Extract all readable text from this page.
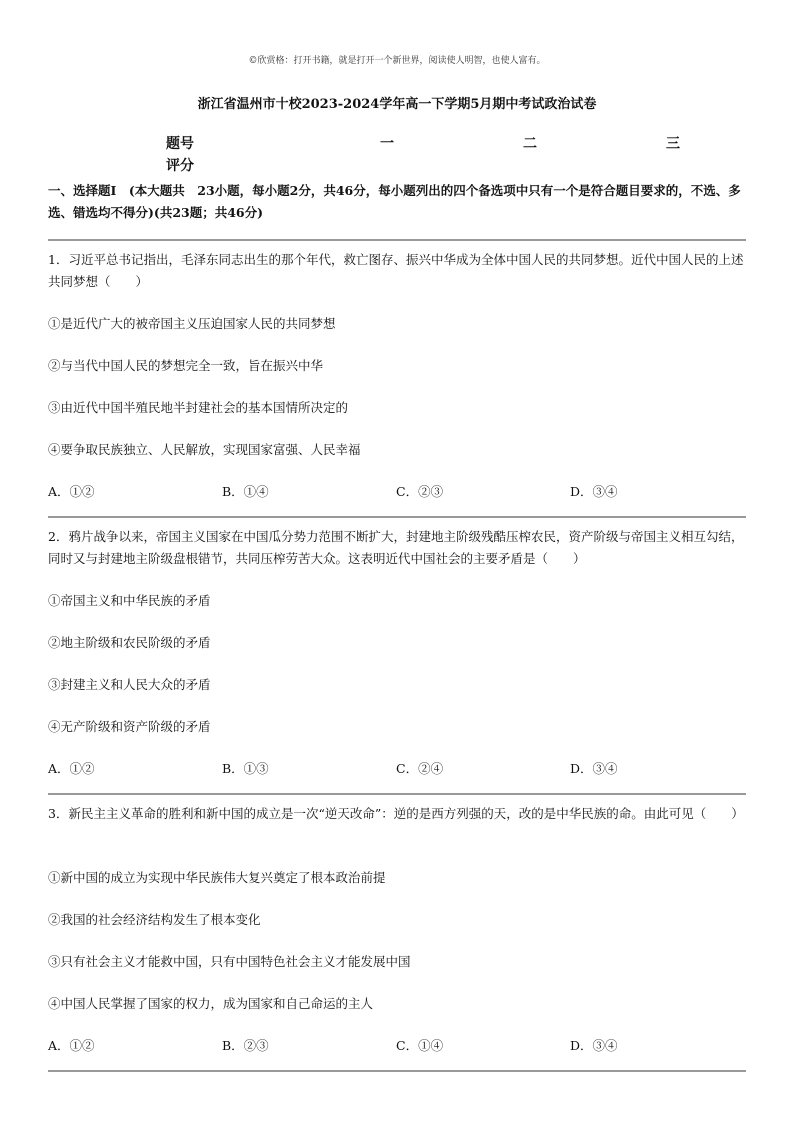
©欣赏格：打开书籍，就是打开一个新世界，阅读使人明智，也使人富有。
浙江省温州市十校2023-2024学年高一下学期5月期中考试政治试卷
题号	一	二	三
评分
一、选择题Ⅰ　(本大题共　23小题，每小题2分，共46分，每小题列出的四个备选项中只有一个是符合题目要求的，不选、多选、错选均不得分)(共23题；共46分)

1．习近平总书记指出，毛泽东同志出生的那个年代，救亡图存、振兴中华成为全体中国人民的共同梦想。近代中国人民的上述共同梦想（　　）

①是近代广大的被帝国主义压迫国家人民的共同梦想
②与当代中国人民的梦想完全一致，旨在振兴中华
③由近代中国半殖民地半封建社会的基本国情所决定的
④要争取民族独立、人民解放，实现国家富强、人民幸福
A．①②	B．①④	C．②③	D．③④

2．鸦片战争以来，帝国主义国家在中国瓜分势力范围不断扩大，封建地主阶级残酷压榨农民，资产阶级与帝国主义相互勾结，同时又与封建地主阶级盘根错节，共同压榨劳苦大众。这表明近代中国社会的主要矛盾是（　　）

①帝国主义和中华民族的矛盾
②地主阶级和农民阶级的矛盾
③封建主义和人民大众的矛盾
④无产阶级和资产阶级的矛盾
A．①②	B．①③	C．②④	D．③④

3．新民主主义革命的胜利和新中国的成立是一次“逆天改命”：逆的是西方列强的天，改的是中华民族的命。由此可见（　　）

①新中国的成立为实现中华民族伟大复兴奠定了根本政治前提
②我国的社会经济结构发生了根本变化
③只有社会主义才能救中国，只有中国特色社会主义才能发展中国
④中国人民掌握了国家的权力，成为国家和自己命运的主人
A．①②	B．②③	C．①④	D．③④
